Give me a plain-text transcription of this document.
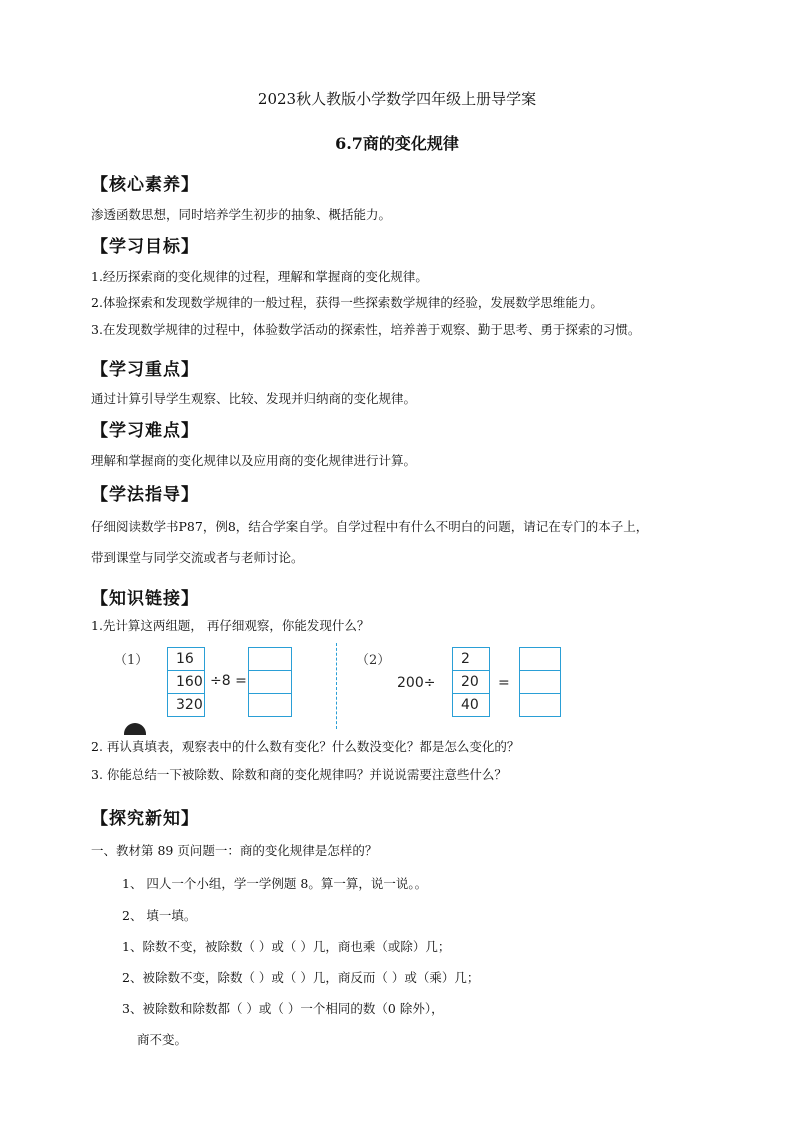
2023秋人教版小学数学四年级上册导学案
6.7商的变化规律
【核心素养】
渗透函数思想，同时培养学生初步的抽象、概括能力。
【学习目标】
1.经历探索商的变化规律的过程，理解和掌握商的变化规律。
2.体验探索和发现数学规律的一般过程，获得一些探索数学规律的经验，发展数学思维能力。
3.在发现数学规律的过程中，体验数学活动的探索性，培养善于观察、勤于思考、勇于探索的习惯。
【学习重点】
通过计算引导学生观察、比较、发现并归纳商的变化规律。
【学习难点】
理解和掌握商的变化规律以及应用商的变化规律进行计算。
【学法指导】
仔细阅读数学书P87，例8，结合学案自学。自学过程中有什么不明白的问题，请记在专门的本子上，
带到课堂与同学交流或者与老师讨论。
【知识链接】
1.先计算这两组题， 再仔细观察，你能发现什么？
（1）	16
160
320
÷8 =
（2）
200÷
2
20
40
=
2. 再认真填表，观察表中的什么数有变化？什么数没变化？都是怎么变化的？
3. 你能总结一下被除数、除数和商的变化规律吗？并说说需要注意些什么？
【探究新知】
一、教材第 89 页问题一：商的变化规律是怎样的？
1、 四人一个小组，学一学例题 8。算一算，说一说。。
2、 填一填。
1、除数不变，被除数（ ）或（ ）几，商也乘（或除）几；
2、被除数不变，除数（ ）或（ ）几，商反而（ ）或（乘）几；
3、被除数和除数都（ ）或（ ）一个相同的数（0 除外），
商不变。
